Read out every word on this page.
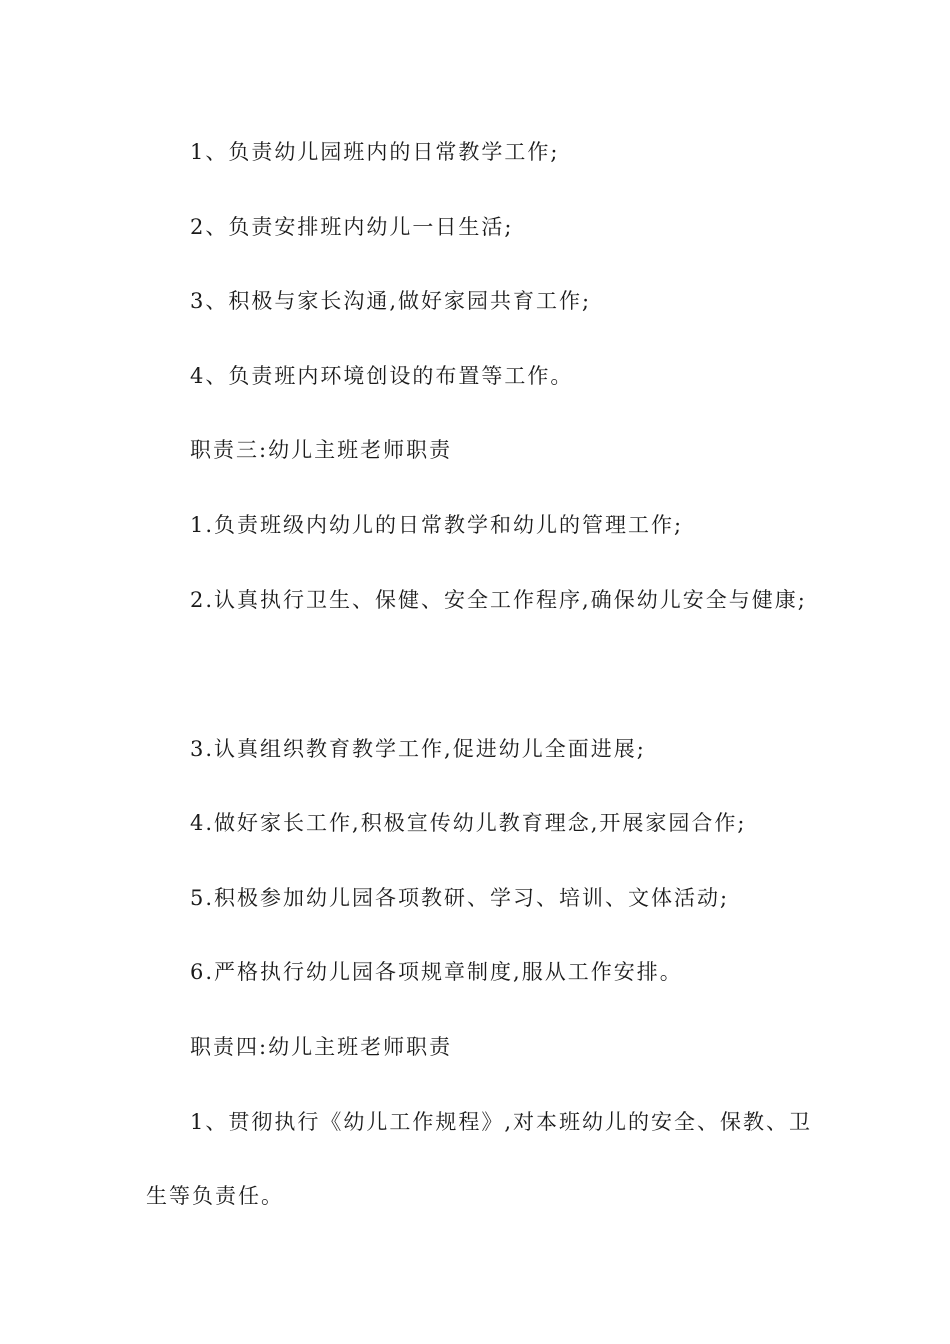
1、负责幼儿园班内的日常教学工作;
2、负责安排班内幼儿一日生活;
3、积极与家长沟通,做好家园共育工作;
4、负责班内环境创设的布置等工作。
职责三:幼儿主班老师职责
1.负责班级内幼儿的日常教学和幼儿的管理工作;
2.认真执行卫生、保健、安全工作程序,确保幼儿安全与健康;
3.认真组织教育教学工作,促进幼儿全面进展;
4.做好家长工作,积极宣传幼儿教育理念,开展家园合作;
5.积极参加幼儿园各项教研、学习、培训、文体活动;
6.严格执行幼儿园各项规章制度,服从工作安排。
职责四:幼儿主班老师职责
1、贯彻执行《幼儿工作规程》,对本班幼儿的安全、保教、卫
生等负责任。
